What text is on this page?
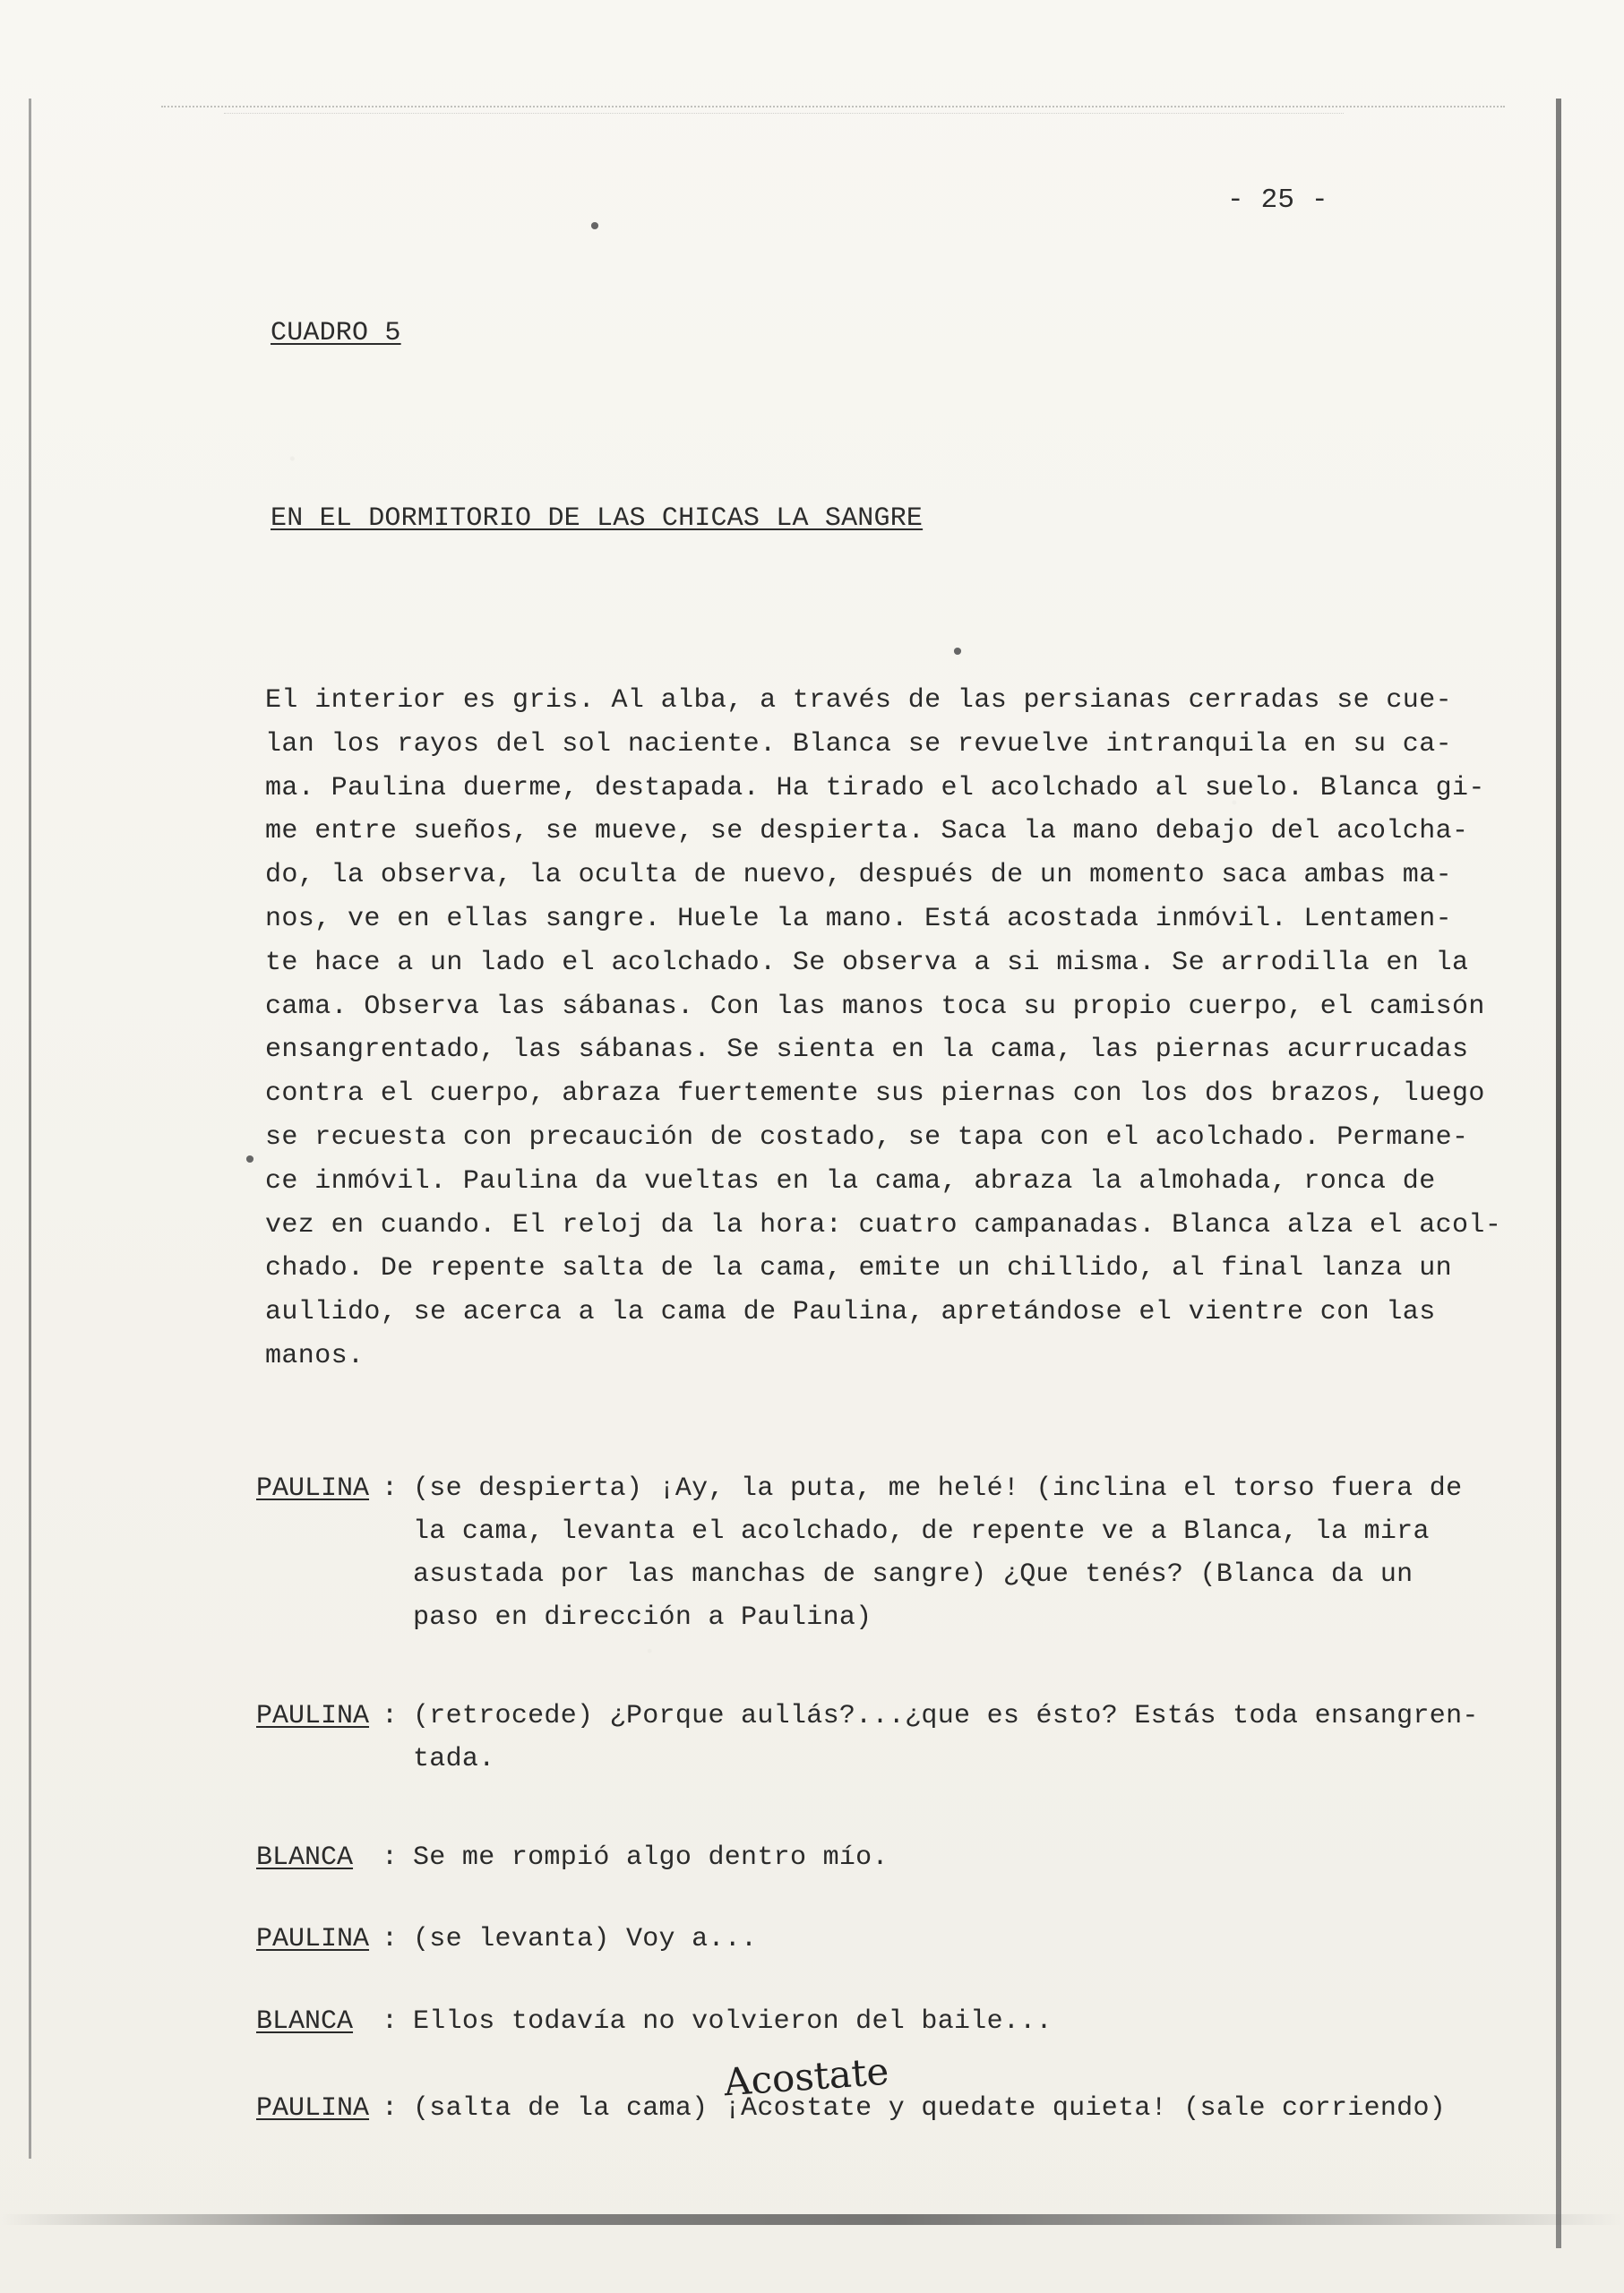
- 25 -
CUADRO 5
EN EL DORMITORIO DE LAS CHICAS LA SANGRE
El interior es gris. Al alba, a través de las persianas cerradas se cue-
lan los rayos del sol naciente. Blanca se revuelve intranquila en su ca-
ma. Paulina duerme, destapada. Ha tirado el acolchado al suelo. Blanca gi-
me entre sueños, se mueve, se despierta. Saca la mano debajo del acolcha-
do, la observa, la oculta de nuevo, después de un momento saca ambas ma-
nos, ve en ellas sangre. Huele la mano. Está acostada inmóvil. Lentamen-
te hace a un lado el acolchado. Se observa a si misma. Se arrodilla en la
cama. Observa las sábanas. Con las manos toca su propio cuerpo, el camisón
ensangrentado, las sábanas. Se sienta en la cama, las piernas acurrucadas
contra el cuerpo, abraza fuertemente sus piernas con los dos brazos, luego
se recuesta con precaución de costado, se tapa con el acolchado. Permane-
ce inmóvil. Paulina da vueltas en la cama, abraza la almohada, ronca de
vez en cuando. El reloj da la hora: cuatro campanadas. Blanca alza el acol-
chado. De repente salta de la cama, emite un chillido, al final lanza un
aullido, se acerca a la cama de Paulina, apretándose el vientre con las
manos.
PAULINA : (se despierta) ¡Ay, la puta, me helé! (inclina el torso fuera de
la cama, levanta el acolchado, de repente ve a Blanca, la mira
asustada por las manchas de sangre) ¿Que tenés? (Blanca da un
paso en dirección a Paulina)
PAULINA : (retrocede) ¿Porque aullás?...¿que es ésto? Estás toda ensangren-
tada.
BLANCA	: Se me rompió algo dentro mío.
PAULINA : (se levanta) Voy a...
BLANCA	: Ellos todavía no volvieron del baile...
PAULINA : (salta de la cama) ¡Acostate y quedate quieta! (sale corriendo)
Acostate
•
•
•
